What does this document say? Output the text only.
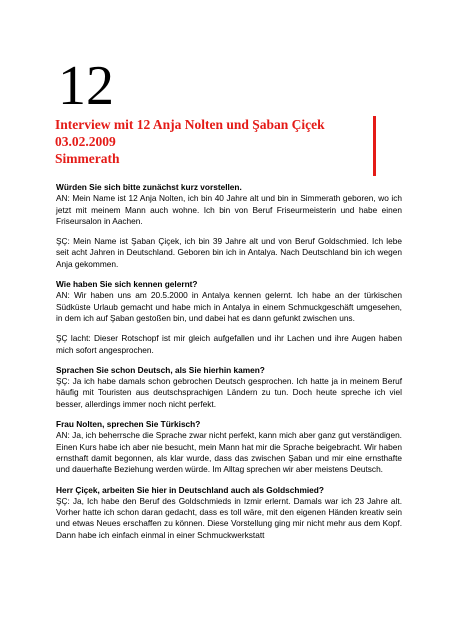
12
Interview mit 12 Anja Nolten und Şaban Çiçek
03.02.2009
Simmerath
Würden Sie sich bitte zunächst kurz vorstellen.
AN: Mein Name ist 12 Anja Nolten, ich bin 40 Jahre alt und bin in Simmerath geboren, wo ich jetzt mit meinem Mann auch wohne. Ich bin von Beruf Friseurmeisterin und habe einen Friseursalon in Aachen.
ŞÇ: Mein Name ist Şaban Çiçek, ich bin 39 Jahre alt und von Beruf Goldschmied. Ich lebe seit acht Jahren in Deutschland. Geboren bin ich in Antalya. Nach Deutschland bin ich wegen Anja gekommen.
Wie haben Sie sich kennen gelernt?
AN: Wir haben uns am 20.5.2000 in Antalya kennen gelernt. Ich habe an der türkischen Südküste Urlaub gemacht und habe mich in Antalya in einem Schmuckgeschäft umgesehen, in dem ich auf Şaban gestoßen bin, und dabei hat es dann gefunkt zwischen uns.
ŞÇ lacht: Dieser Rotschopf ist mir gleich aufgefallen und ihr Lachen und ihre Augen haben mich sofort angesprochen.
Sprachen Sie schon Deutsch, als Sie hierhin kamen?
ŞÇ: Ja ich habe damals schon gebrochen Deutsch gesprochen. Ich hatte ja in meinem Beruf häufig mit Touristen aus deutschsprachigen Ländern zu tun. Doch heute spreche ich viel besser, allerdings immer noch nicht perfekt.
Frau Nolten, sprechen Sie Türkisch?
AN: Ja, ich beherrsche die Sprache zwar nicht perfekt, kann mich aber ganz gut verständigen. Einen Kurs habe ich aber nie besucht, mein Mann hat mir die Sprache beigebracht. Wir haben ernsthaft damit begonnen, als klar wurde, dass das zwischen Şaban und mir eine ernsthafte und dauerhafte Beziehung werden würde. Im Alltag sprechen wir aber meistens Deutsch.
Herr Çiçek, arbeiten Sie hier in Deutschland auch als Goldschmied?
ŞÇ: Ja, Ich habe den Beruf des Goldschmieds in Izmir erlernt. Damals war ich 23 Jahre alt. Vorher hatte ich schon daran gedacht, dass es toll wäre, mit den eigenen Händen kreativ sein und etwas Neues erschaffen zu können. Diese Vorstellung ging mir nicht mehr aus dem Kopf. Dann habe ich einfach einmal in einer Schmuckwerkstatt
